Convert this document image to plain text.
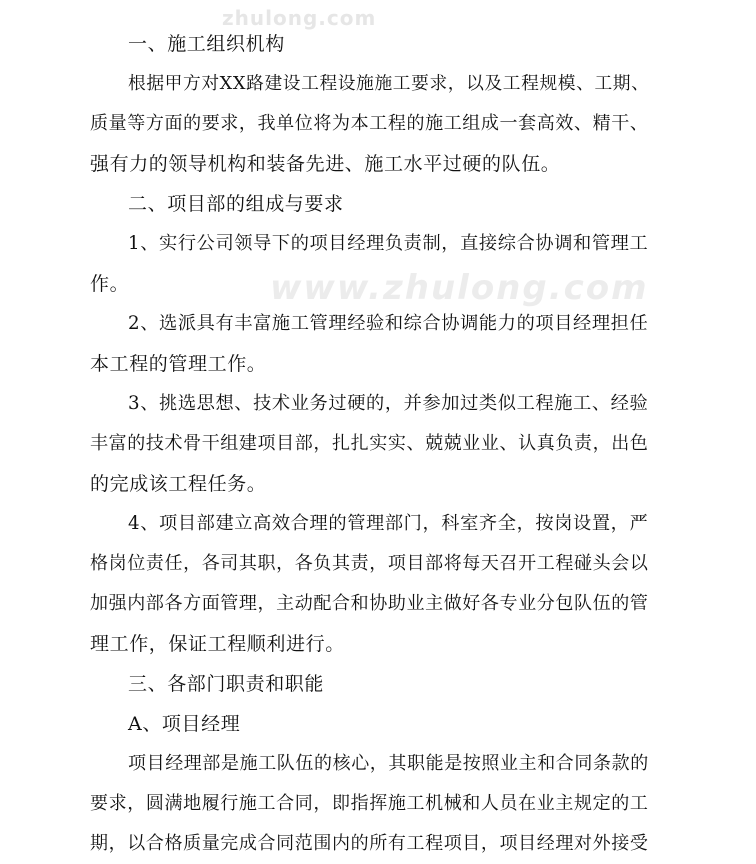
zhulong.com
www.zhulong.com
一、施工组织机构
根据甲方对XX路建设工程设施施工要求，以及工程规模、工期、
质量等方面的要求，我单位将为本工程的施工组成一套高效、精干、
强有力的领导机构和装备先进、施工水平过硬的队伍。
二、项目部的组成与要求
1、实行公司领导下的项目经理负责制，直接综合协调和管理工
作。
2、选派具有丰富施工管理经验和综合协调能力的项目经理担任
本工程的管理工作。
3、挑选思想、技术业务过硬的，并参加过类似工程施工、经验
丰富的技术骨干组建项目部，扎扎实实、兢兢业业、认真负责，出色
的完成该工程任务。
4、项目部建立高效合理的管理部门，科室齐全，按岗设置，严
格岗位责任，各司其职，各负其责，项目部将每天召开工程碰头会以
加强内部各方面管理，主动配合和协助业主做好各专业分包队伍的管
理工作，保证工程顺利进行。
三、各部门职责和职能
A、项目经理
项目经理部是施工队伍的核心，其职能是按照业主和合同条款的
要求，圆满地履行施工合同，即指挥施工机械和人员在业主规定的工
期，以合格质量完成合同范围内的所有工程项目，项目经理对外接受
